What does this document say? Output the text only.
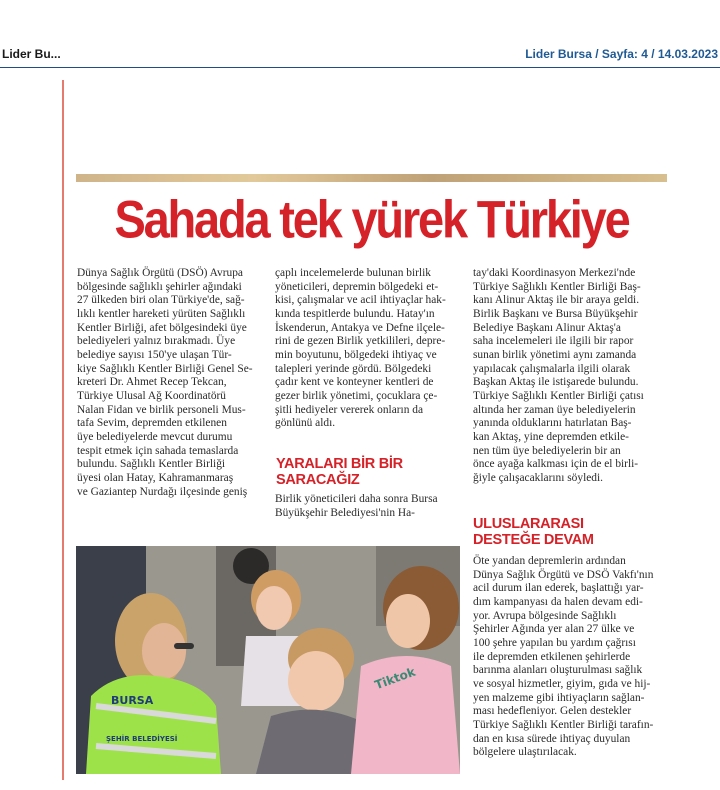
Lider Bu...	Lider Bursa / Sayfa: 4 / 14.03.2023
Sahada tek yürek Türkiye
Dünya Sağlık Örgütü (DSÖ) Avrupa
bölgesinde sağlıklı şehirler ağındaki
27 ülkeden biri olan Türkiye'de, sağ-
lıklı kentler hareketi yürüten Sağlıklı
Kentler Birliği, afet bölgesindeki üye
belediyeleri yalnız bırakmadı. Üye
belediye sayısı 150'ye ulaşan Tür-
kiye Sağlıklı Kentler Birliği Genel Se-
kreteri Dr. Ahmet Recep Tekcan,
Türkiye Ulusal Ağ Koordinatörü
Nalan Fidan ve birlik personeli Mus-
tafa Sevim, depremden etkilenen
üye belediyelerde mevcut durumu
tespit etmek için sahada temaslarda
bulundu. Sağlıklı Kentler Birliği
üyesi olan Hatay, Kahramanmaraş
ve Gaziantep Nurdağı ilçesinde geniş
çaplı incelemelerde bulunan birlik
yöneticileri, depremin bölgedeki et-
kisi, çalışmalar ve acil ihtiyaçlar hak-
kında tespitlerde bulundu. Hatay'ın
İskenderun, Antakya ve Defne ilçele-
rini de gezen Birlik yetkilileri, depre-
min boyutunu, bölgedeki ihtiyaç ve
talepleri yerinde gördü. Bölgedeki
çadır kent ve konteyner kentleri de
gezer birlik yönetimi, çocuklara çe-
şitli hediyeler vererek onların da
gönlünü aldı.
YARALARI BİR BİR
SARACAĞIZ
Birlik yöneticileri daha sonra Bursa
Büyükşehir Belediyesi'nin Ha-
tay'daki Koordinasyon Merkezi'nde
Türkiye Sağlıklı Kentler Birliği Baş-
kanı Alinur Aktaş ile bir araya geldi.
Birlik Başkanı ve Bursa Büyükşehir
Belediye Başkanı Alinur Aktaş'a
saha incelemeleri ile ilgili bir rapor
sunan birlik yönetimi aynı zamanda
yapılacak çalışmalarla ilgili olarak
Başkan Aktaş ile istişarede bulundu.
Türkiye Sağlıklı Kentler Birliği çatısı
altında her zaman üye belediyelerin
yanında olduklarını hatırlatan Baş-
kan Aktaş, yine depremden etkile-
nen tüm üye belediyelerin bir an
önce ayağa kalkması için de el birli-
ğiyle çalışacaklarını söyledi.
ULUSLARARASI
DESTEĞE DEVAM
Öte yandan depremlerin ardından
Dünya Sağlık Örgütü ve DSÖ Vakfı'nın
acil durum ilan ederek, başlattığı yar-
dım kampanyası da halen devam edi-
yor. Avrupa bölgesinde Sağlıklı
Şehirler Ağında yer alan 27 ülke ve
100 şehre yapılan bu yardım çağrısı
ile depremden etkilenen şehirlerde
barınma alanları oluşturulması sağlık
ve sosyal hizmetler, giyim, gıda ve hij-
yen malzeme gibi ihtiyaçların sağlan-
ması hedefleniyor. Gelen destekler
Türkiye Sağlıklı Kentler Birliği tarafın-
dan en kısa sürede ihtiyaç duyulan
bölgelere ulaştırılacak.
BURSA
ŞEHİR BELEDİYESİ
Tiktok
